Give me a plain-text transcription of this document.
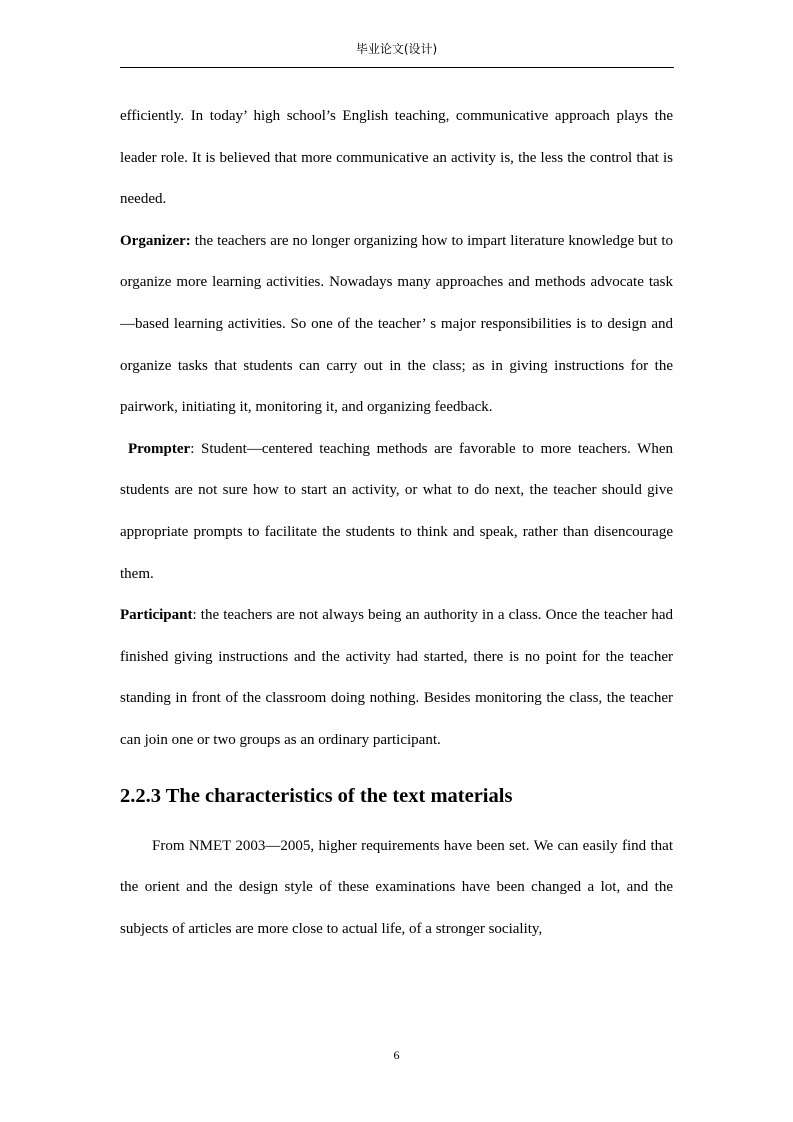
毕业论文(设计)

efficiently. In today’ high school’s English teaching, communicative approach plays the leader role. It is believed that more communicative an activity is, the less the control that is needed.

Organizer: the teachers are no longer organizing how to impart literature knowledge but to organize more learning activities. Nowadays many approaches and methods advocate task—based learning activities. So one of the teacher’ s major responsibilities is to design and organize tasks that students can carry out in the class; as in giving instructions for the pairwork, initiating it, monitoring it, and organizing feedback.

Prompter: Student—centered teaching methods are favorable to more teachers. When students are not sure how to start an activity, or what to do next, the teacher should give appropriate prompts to facilitate the students to think and speak, rather than disencourage them.

Participant: the teachers are not always being an authority in a class. Once the teacher had finished giving instructions and the activity had started, there is no point for the teacher standing in front of the classroom doing nothing. Besides monitoring the class, the teacher can join one or two groups as an ordinary participant.

2.2.3 The characteristics of the text materials

From NMET 2003—2005, higher requirements have been set. We can easily find that the orient and the design style of these examinations have been changed a lot, and the subjects of articles are more close to actual life, of a stronger sociality,

6
